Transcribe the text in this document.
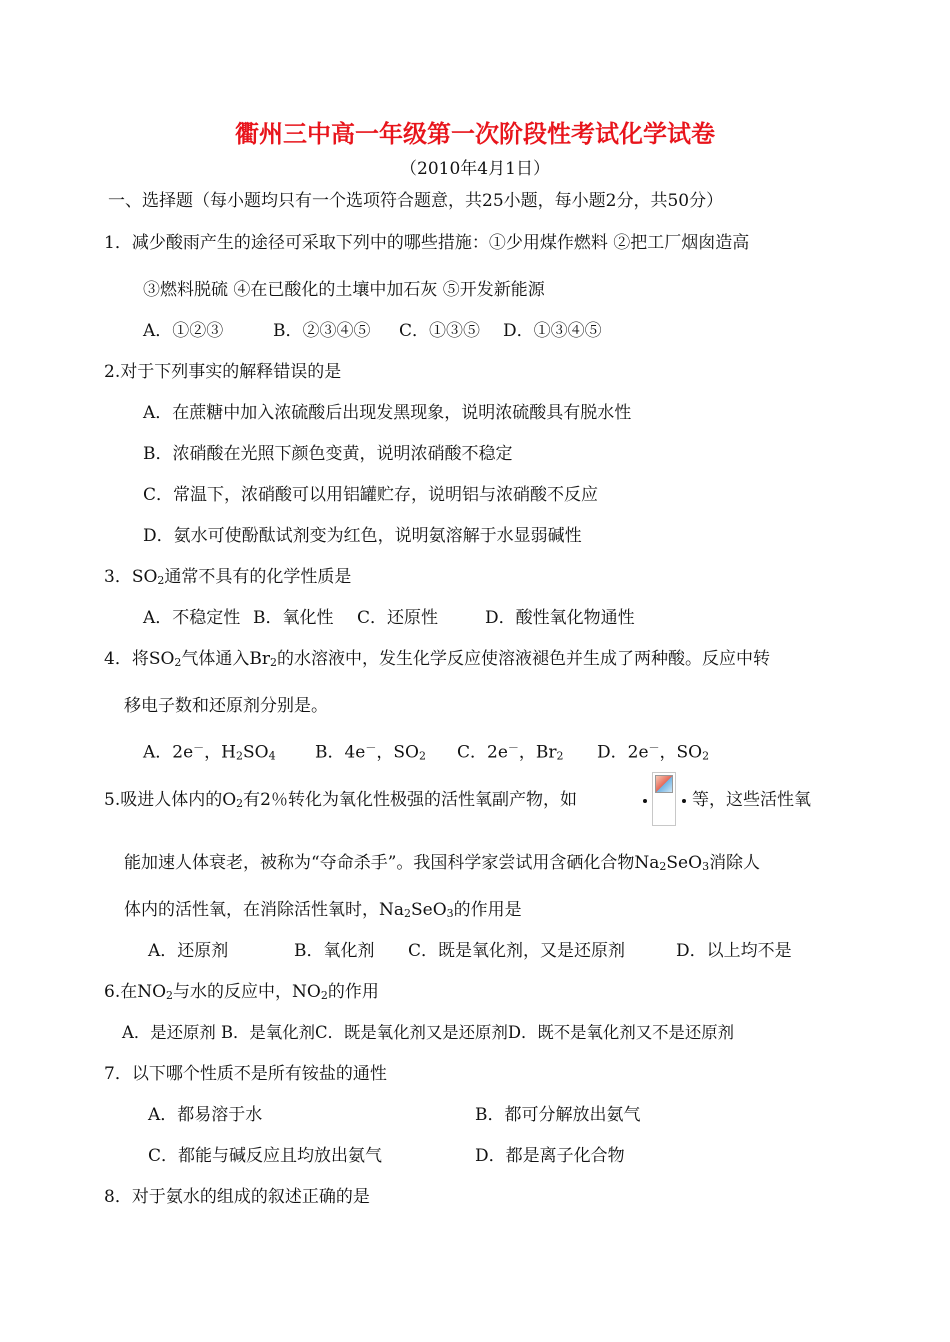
衢州三中高一年级第一次阶段性考试化学试卷
（2010年4月1日）
一、选择题（每小题均只有一个选项符合题意，共25小题，每小题2分，共50分）
1．减少酸雨产生的途径可采取下列中的哪些措施：①少用煤作燃料 ②把工厂烟囱造高
③燃料脱硫 ④在已酸化的土壤中加石灰 ⑤开发新能源
A．①②③	B．②③④⑤ C．①③⑤ D．①③④⑤
2.对于下列事实的解释错误的是
A．在蔗糖中加入浓硫酸后出现发黑现象，说明浓硫酸具有脱水性
B．浓硝酸在光照下颜色变黄，说明浓硝酸不稳定
C．常温下，浓硝酸可以用铝罐贮存，说明铝与浓硝酸不反应
D．氨水可使酚酞试剂变为红色，说明氨溶解于水显弱碱性
3．$SO_2$通常不具有的化学性质是
A．不稳定性 B．氧化性 C．还原性	D．酸性氧化物通性
4．将$SO_2$气体通入$Br_2$的水溶液中，发生化学反应使溶液褪色并生成了两种酸。反应中转
移电子数和还原剂分别是。
A．2e－，$H_2SO_4$ B．4e－，$SO_2$ C．2e－，$Br_2$ D．2e－，$SO_2$
5.吸进人体内的$O_2$有2％转化为氧化性极强的活性氧副产物，如	等，这些活性氧
能加速人体衰老，被称为“夺命杀手”。我国科学家尝试用含硒化合物$Na_2SeO_3$消除人
体内的活性氧，在消除活性氧时，$Na_2SeO_3$的作用是
A．还原剂	B．氧化剂 C．既是氧化剂，又是还原剂	D．以上均不是
6.在$NO_2$与水的反应中，$NO_2$的作用
A．是还原剂 B．是氧化剂C．既是氧化剂又是还原剂D．既不是氧化剂又不是还原剂
7．以下哪个性质不是所有铵盐的通性
A．都易溶于水	B．都可分解放出氨气
C．都能与碱反应且均放出氨气	D．都是离子化合物
8．对于氨水的组成的叙述正确的是
